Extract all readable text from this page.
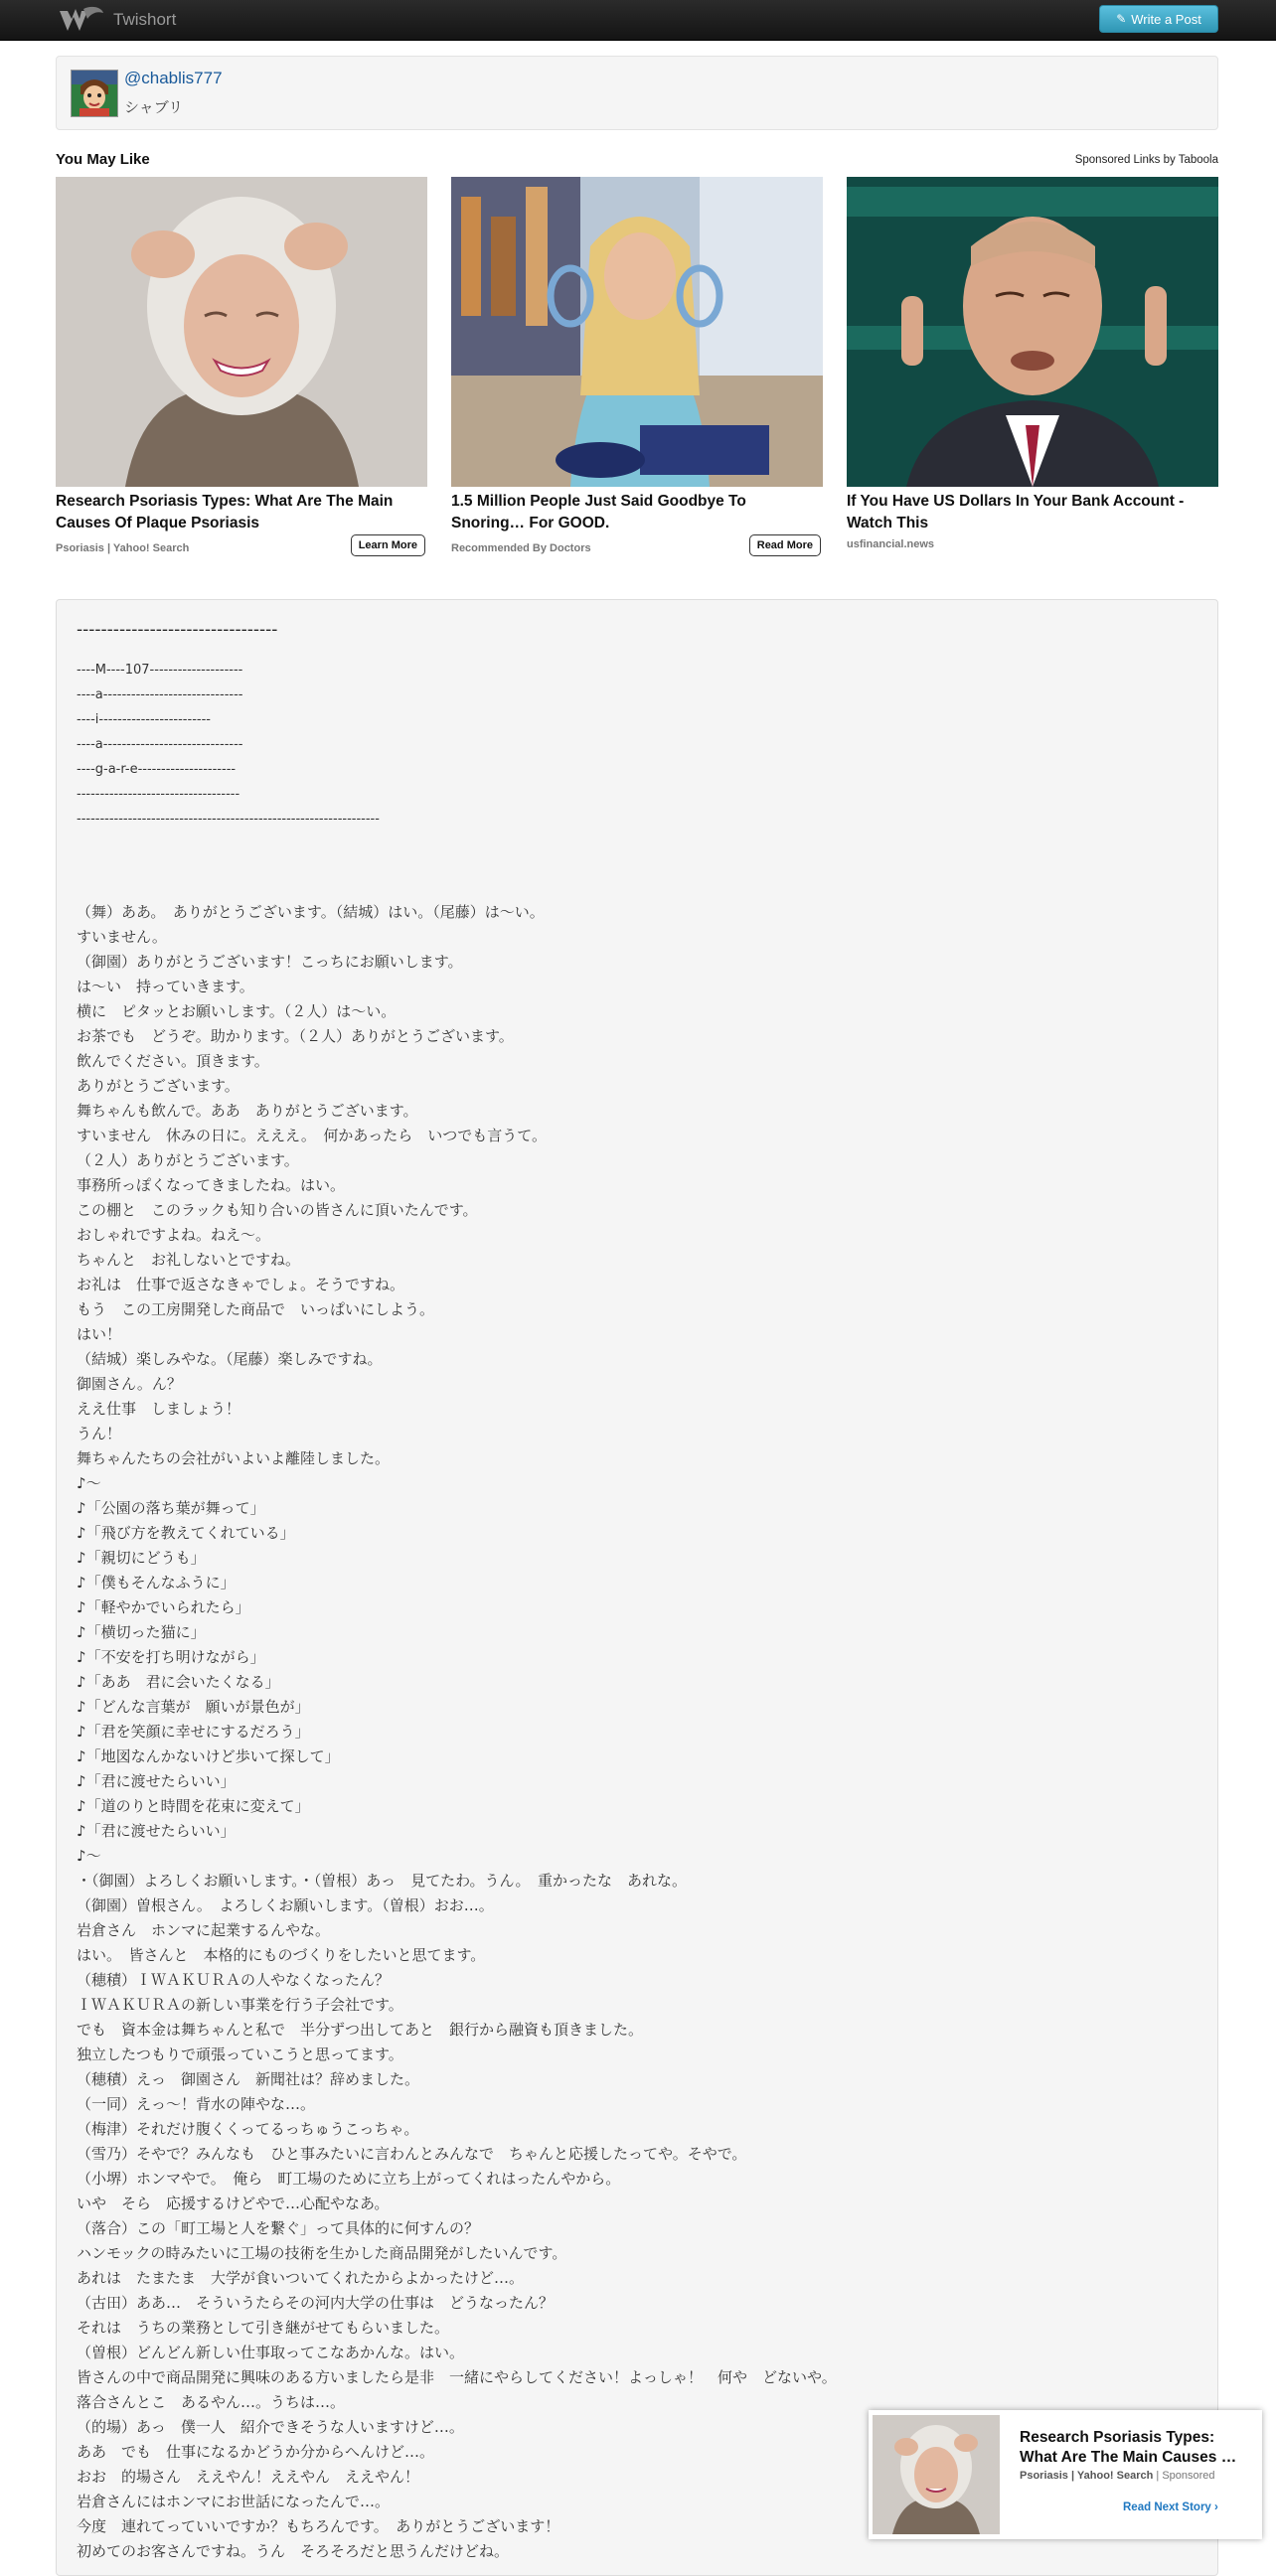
Twishort	✎ Write a Post
@chablis777
シャブリ
You May Like	Sponsored Links by Taboola
Research Psoriasis Types: What Are The Main Causes Of Plaque Psoriasis
Psoriasis | Yahoo! Search	Learn More
1.5 Million People Just Said Goodbye To Snoring… For GOOD.
Recommended By Doctors	Read More
If You Have US Dollars In Your Bank Account - Watch This
usfinancial.news
---------------------------------
----M----107--------------------
----a------------------------------
----i------------------------
----a------------------------------
----g-a-r-e---------------------
-----------------------------------
-----------------------------------------------------------------
（舞）ああ。　ありがとうございます。（結城）はい。（尾藤）は～い。
すいません。
（御園）ありがとうございます！こっちにお願いします。
は～い　持っていきます。
横に　ピタッとお願いします。（２人）は～い。
お茶でも　どうぞ。助かります。（２人）ありがとうございます。
飲んでください。頂きます。
ありがとうございます。
舞ちゃんも飲んで。ああ　ありがとうございます。
すいません　休みの日に。えええ。　何かあったら　いつでも言うて。
（２人）ありがとうございます。
事務所っぽくなってきましたね。はい。
この棚と　このラックも知り合いの皆さんに頂いたんです。
おしゃれですよね。ねえ～。
ちゃんと　お礼しないとですね。
お礼は　仕事で返さなきゃでしょ。そうですね。
もう　この工房開発した商品で　いっぱいにしよう。
はい！
（結城）楽しみやな。（尾藤）楽しみですね。
御園さん。ん？
ええ仕事　しましょう！
うん！
舞ちゃんたちの会社がいよいよ離陸しました。
♪～
♪「公園の落ち葉が舞って」
♪「飛び方を教えてくれている」
♪「親切にどうも」
♪「僕もそんなふうに」
♪「軽やかでいられたら」
♪「横切った猫に」
♪「不安を打ち明けながら」
♪「ああ　君に会いたくなる」
♪「どんな言葉が　願いが景色が」
♪「君を笑顔に幸せにするだろう」
♪「地図なんかないけど歩いて探して」
♪「君に渡せたらいい」
♪「道のりと時間を花束に変えて」
♪「君に渡せたらいい」
♪～
・（御園）よろしくお願いします。・（曽根）あっ　見てたわ。うん。　重かったな　あれな。
（御園）曽根さん。　よろしくお願いします。（曽根）おお…。
岩倉さん　ホンマに起業するんやな。
はい。　皆さんと　本格的にものづくりをしたいと思てます。
（穂積）ＩＷＡＫＵＲＡの人やなくなったん？
ＩＷＡＫＵＲＡの新しい事業を行う子会社です。
でも　資本金は舞ちゃんと私で　半分ずつ出してあと　銀行から融資も頂きました。
独立したつもりで頑張っていこうと思ってます。
（穂積）えっ　御園さん　新聞社は？辞めました。
（一同）えっ～！背水の陣やな…。
（梅津）それだけ腹くくってるっちゅうこっちゃ。
（雪乃）そやで？みんなも　ひと事みたいに言わんとみんなで　ちゃんと応援したってや。そやで。
（小堺）ホンマやで。　俺ら　町工場のために立ち上がってくれはったんやから。
いや　そら　応援するけどやで…心配やなあ。
（落合）この「町工場と人を繋ぐ」って具体的に何すんの？
ハンモックの時みたいに工場の技術を生かした商品開発がしたいんです。
あれは　たまたま　大学が食いついてくれたからよかったけど…。
（古田）ああ…　そういうたらその河内大学の仕事は　どうなったん？
それは　うちの業務として引き継がせてもらいました。
（曽根）どんどん新しい仕事取ってこなあかんな。はい。
皆さんの中で商品開発に興味のある方いましたら是非　一緒にやらしてください！よっしゃ！　何や　どないや。
落合さんとこ　あるやん…。うちは…。
（的場）あっ　僕一人　紹介できそうな人いますけど…。
ああ　でも　仕事になるかどうか分からへんけど…。
おお　的場さん　ええやん！ええやん　ええやん！
岩倉さんにはホンマにお世話になったんで…。
今度　連れてっていいですか？もちろんです。　ありがとうございます！
初めてのお客さんですね。うん　そろそろだと思うんだけどね。
Research Psoriasis Types: What Are The Main Causes …
Psoriasis | Yahoo! Search | Sponsored
Read Next Story ›
